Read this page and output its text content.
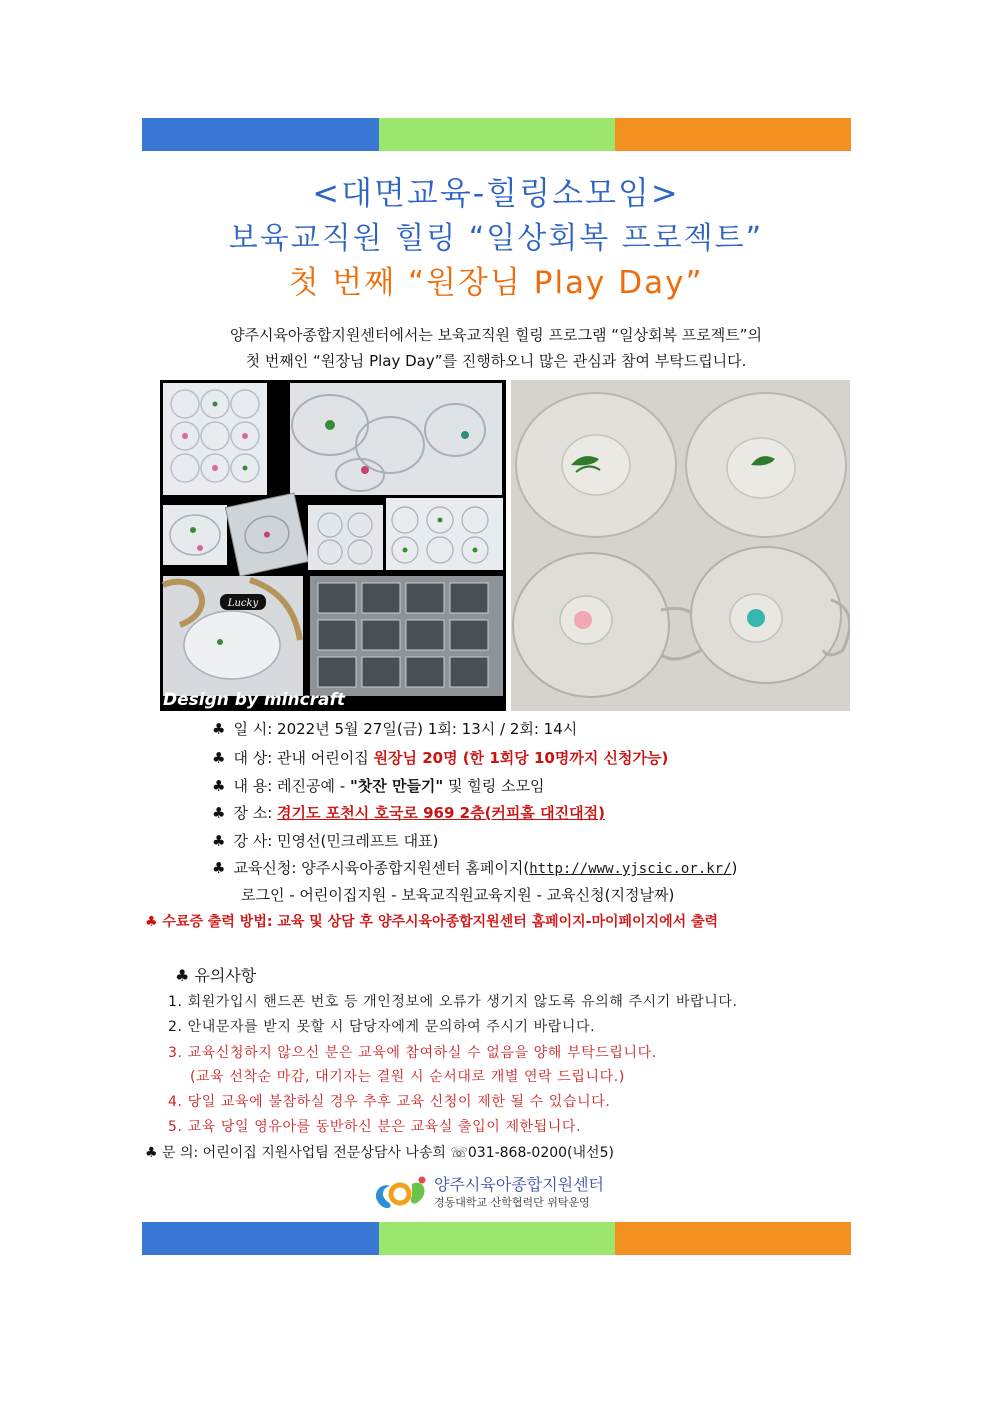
<대면교육-힐링소모임>
보육교직원 힐링 “일상회복 프로젝트”
첫 번째 “원장님 Play Day”
양주시육아종합지원센터에서는 보육교직원 힐링 프로그램 “일상회복 프로젝트”의
첫 번째인 “원장님 Play Day”를 진행하오니 많은 관심과 참여 부탁드립니다.
Lucky
Design by mincraft
♣ 일 시: 2022년 5월 27일(금) 1회: 13시 / 2회: 14시
♣ 대 상: 관내 어린이집 원장님 20명 (한 1회당 10명까지 신청가능)
♣ 내 용: 레진공예 - "찻잔 만들기" 및 힐링 소모임
♣ 장 소: 경기도 포천시 호국로 969 2층(커피홀 대진대점)
♣ 강 사: 민영선(민크레프트 대표)
♣ 교육신청: 양주시육아종합지원센터 홈페이지(http://www.yjscic.or.kr/)
로그인 - 어린이집지원 - 보육교직원교육지원 - 교육신청(지정날짜)
♣ 수료증 출력 방법: 교육 및 상담 후 양주시육아종합지원센터 홈페이지-마이페이지에서 출력
♣ 유의사항
1. 회원가입시 핸드폰 번호 등 개인정보에 오류가 생기지 않도록 유의해 주시기 바랍니다.
2. 안내문자를 받지 못할 시 담당자에게 문의하여 주시기 바랍니다.
3. 교육신청하지 않으신 분은 교육에 참여하실 수 없음을 양해 부탁드립니다.
(교육 선착순 마감, 대기자는 결원 시 순서대로 개별 연락 드립니다.)
4. 당일 교육에 불참하실 경우 추후 교육 신청이 제한 될 수 있습니다.
5. 교육 당일 영유아를 동반하신 분은 교육실 출입이 제한됩니다.
♣ 문 의: 어린이집 지원사업팀 전문상담사 나송희 ☏031-868-0200(내선5)
양주시육아종합지원센터
경동대학교 산학협력단 위탁운영
